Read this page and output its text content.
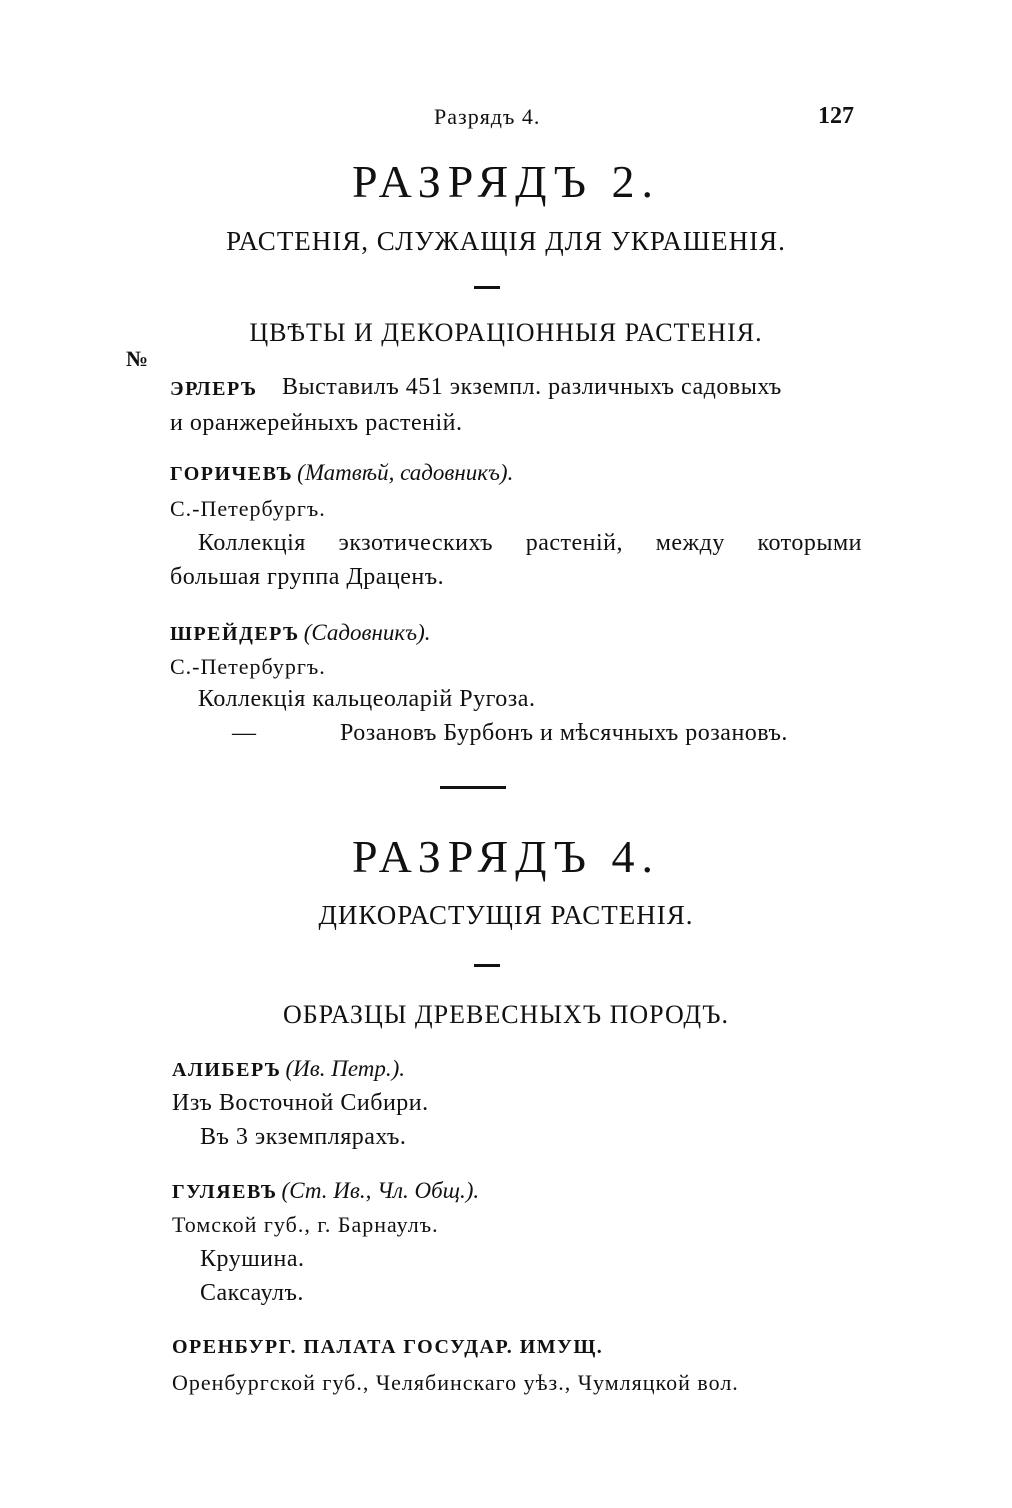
Разрядъ 4.	127
РАЗРЯДЪ 2.
РАСТЕНІЯ, СЛУЖАЩІЯ ДЛЯ УКРАШЕНІЯ.
ЦВѢТЫ И ДЕКОРАЦІОННЫЯ РАСТЕНІЯ.
№
ЭРЛЕРЪ Выставилъ 451 экземпл. различныхъ садовыхъ
и оранжерейныхъ растеній.
ГОРИЧЕВЪ (Матвѣй, садовникъ).
С.-Петербургъ.
Коллекція экзотическихъ растеній, между которыми
большая группа Драценъ.
ШРЕЙДЕРЪ (Садовникъ).
С.-Петербургъ.
Коллекція кальцеоларій Ругоза.
—	Розановъ Бурбонъ и мѣсячныхъ розановъ.
РАЗРЯДЪ 4.
ДИКОРАСТУЩІЯ РАСТЕНІЯ.
ОБРАЗЦЫ ДРЕВЕСНЫХЪ ПОРОДЪ.
АЛИБЕРЪ (Ив. Петр.).
Изъ Восточной Сибири.
Въ 3 экземплярахъ.
ГУЛЯЕВЪ (Ст. Ив., Чл. Общ.).
Томской губ., г. Барнаулъ.
Крушина.
Саксаулъ.
ОРЕНБУРГ. ПАЛАТА ГОСУДАР. ИМУЩ.
Оренбургской губ., Челябинскаго уѣз., Чумляцкой вол.
